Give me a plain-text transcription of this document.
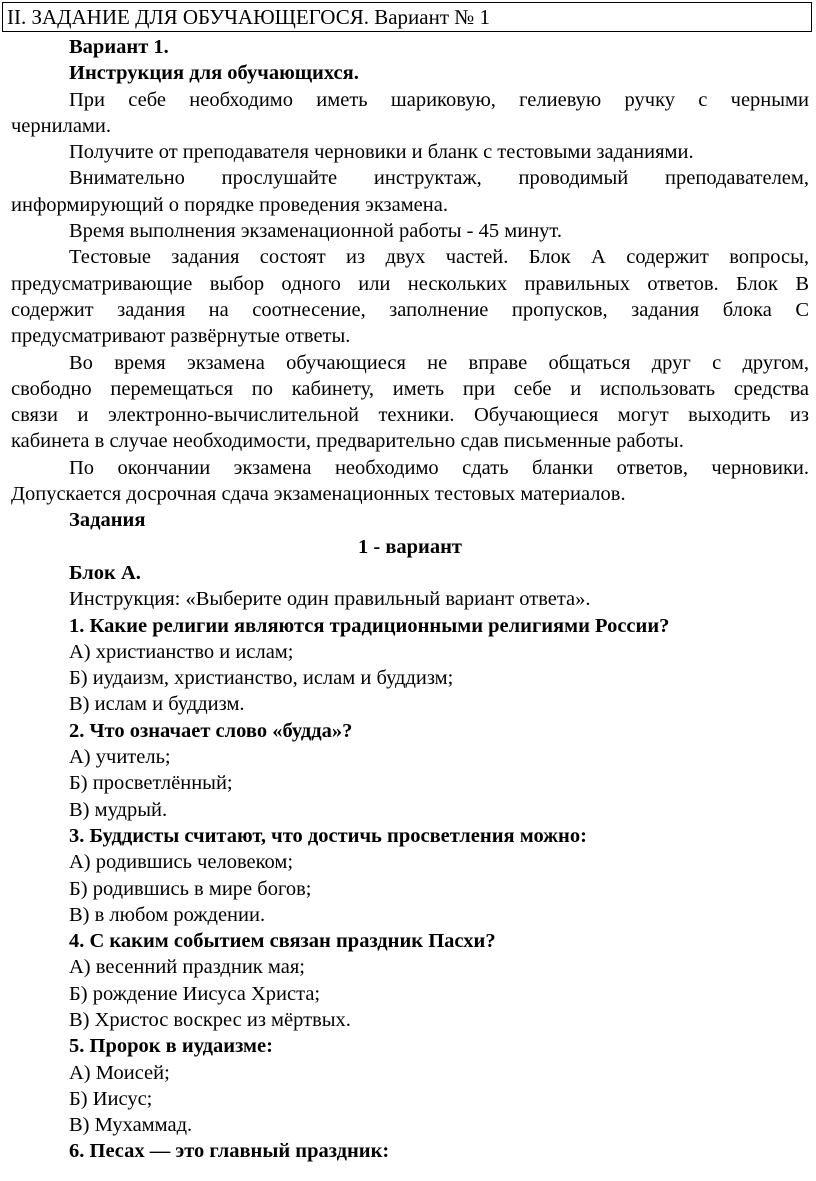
II. ЗАДАНИЕ ДЛЯ ОБУЧАЮЩЕГОСЯ. Вариант № 1
Вариант 1.
Инструкция для обучающихся.
При себе необходимо иметь шариковую, гелиевую ручку с черными
чернилами.
Получите от преподавателя черновики и бланк с тестовыми заданиями.
Внимательно прослушайте инструктаж, проводимый преподавателем,
информирующий о порядке проведения экзамена.
Время выполнения экзаменационной работы - 45 минут.
Тестовые задания состоят из двух частей. Блок А содержит вопросы,
предусматривающие выбор одного или нескольких правильных ответов. Блок В
содержит задания на соотнесение, заполнение пропусков, задания блока С
предусматривают развёрнутые ответы.
Во время экзамена обучающиеся не вправе общаться друг с другом,
свободно перемещаться по кабинету, иметь при себе и использовать средства
связи и электронно-вычислительной техники. Обучающиеся могут выходить из
кабинета в случае необходимости, предварительно сдав письменные работы.
По окончании экзамена необходимо сдать бланки ответов, черновики.
Допускается досрочная сдача экзаменационных тестовых материалов.
Задания
1 - вариант
Блок А.
Инструкция: «Выберите один правильный вариант ответа».
1. Какие религии являются традиционными религиями России?
А) христианство и ислам;
Б) иудаизм, христианство, ислам и буддизм;
В) ислам и буддизм.
2. Что означает слово «будда»?
А) учитель;
Б) просветлённый;
В) мудрый.
3. Буддисты считают, что достичь просветления можно:
А) родившись человеком;
Б) родившись в мире богов;
В) в любом рождении.
4. С каким событием связан праздник Пасхи?
А) весенний праздник мая;
Б) рождение Иисуса Христа;
В) Христос воскрес из мёртвых.
5. Пророк в иудаизме:
А) Моисей;
Б) Иисус;
В) Мухаммад.
6. Песах — это главный праздник:
